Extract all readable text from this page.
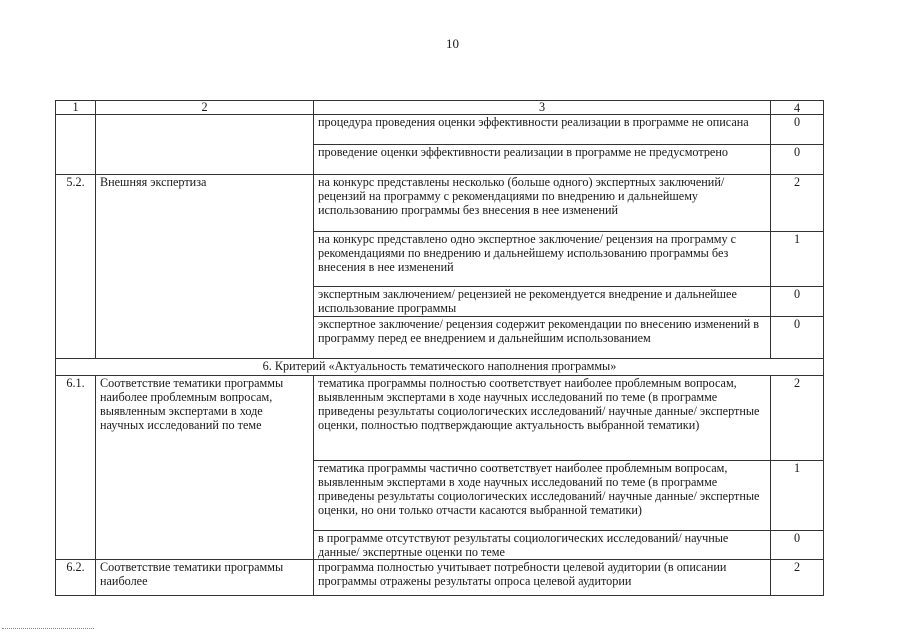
10
1	2	3	4
		процедура проведения оценки эффективности реализации в программе не описана	0
		проведение оценки эффективности реализации в программе не предусмотрено	0
5.2.	Внешняя экспертиза	на конкурс представлены несколько (больше одного) экспертных заключений/ рецензий на программу с рекомендациями по внедрению и дальнейшему использованию программы без внесения в нее изменений	2
		на конкурс представлено одно экспертное заключение/ рецензия на программу с рекомендациями по внедрению и дальнейшему использованию программы без внесения в нее изменений	1
		экспертным заключением/ рецензией не рекомендуется внедрение и дальнейшее использование программы	0
		экспертное заключение/ рецензия содержит рекомендации по внесению изменений в программу перед ее внедрением и дальнейшим использованием	0
6. Критерий «Актуальность тематического наполнения программы»			
6.1.	Соответствие тематики программы наиболее проблемным вопросам, выявленным экспертами в ходе научных исследований по теме	тематика программы полностью соответствует наиболее проблемным вопросам, выявленным экспертами в ходе научных исследований по теме (в программе приведены результаты социологических исследований/ научные данные/ экспертные оценки, полностью подтверждающие актуальность выбранной тематики)	2
		тематика программы частично соответствует наиболее проблемным вопросам, выявленным экспертами в ходе научных исследований по теме (в программе приведены результаты социологических исследований/ научные данные/ экспертные оценки, но они только отчасти касаются выбранной тематики)	1
		в программе отсутствуют результаты социологических исследований/ научные данные/ экспертные оценки по теме	0
6.2.	Соответствие тематики программы наиболее	программа полностью учитывает потребности целевой аудитории (в описании программы отражены результаты опроса целевой аудитории	2
